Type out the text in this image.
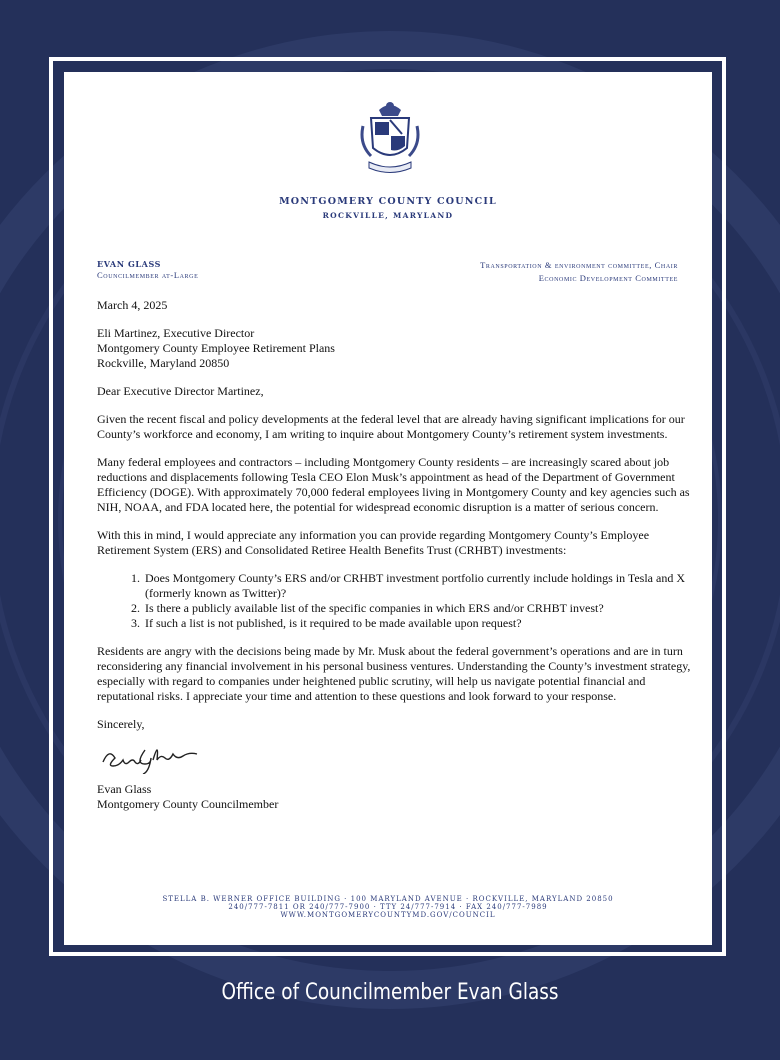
MONTGOMERY COUNTY COUNCIL
ROCKVILLE, MARYLAND
EVAN GLASS
Councilmember at-Large
Transportation & environment committee, Chair
Economic Development Committee

March 4, 2025

Eli Martinez, Executive Director
Montgomery County Employee Retirement Plans
Rockville, Maryland 20850

Dear Executive Director Martinez,

Given the recent fiscal and policy developments at the federal level that are already having significant implications for our County’s workforce and economy, I am writing to inquire about Montgomery County’s retirement system investments.

Many federal employees and contractors – including Montgomery County residents – are increasingly scared about job reductions and displacements following Tesla CEO Elon Musk’s appointment as head of the Department of Government Efficiency (DOGE). With approximately 70,000 federal employees living in Montgomery County and key agencies such as NIH, NOAA, and FDA located here, the potential for widespread economic disruption is a matter of serious concern.

With this in mind, I would appreciate any information you can provide regarding Montgomery County’s Employee Retirement System (ERS) and Consolidated Retiree Health Benefits Trust (CRHBT) investments:

1. Does Montgomery County’s ERS and/or CRHBT investment portfolio currently include holdings in Tesla and X (formerly known as Twitter)?
2. Is there a publicly available list of the specific companies in which ERS and/or CRHBT invest?
3. If such a list is not published, is it required to be made available upon request?

Residents are angry with the decisions being made by Mr. Musk about the federal government’s operations and are in turn reconsidering any financial involvement in his personal business ventures. Understanding the County’s investment strategy, especially with regard to companies under heightened public scrutiny, will help us navigate potential financial and reputational risks. I appreciate your time and attention to these questions and look forward to your response.

Sincerely,

Evan Glass
Montgomery County Councilmember
STELLA B. WERNER OFFICE BUILDING · 100 MARYLAND AVENUE · ROCKVILLE, MARYLAND 20850
240/777-7811 OR 240/777-7900 · TTY 24/777-7914 · FAX 240/777-7989
WWW.MONTGOMERYCOUNTYMD.GOV/COUNCIL
Office of Councilmember Evan Glass
